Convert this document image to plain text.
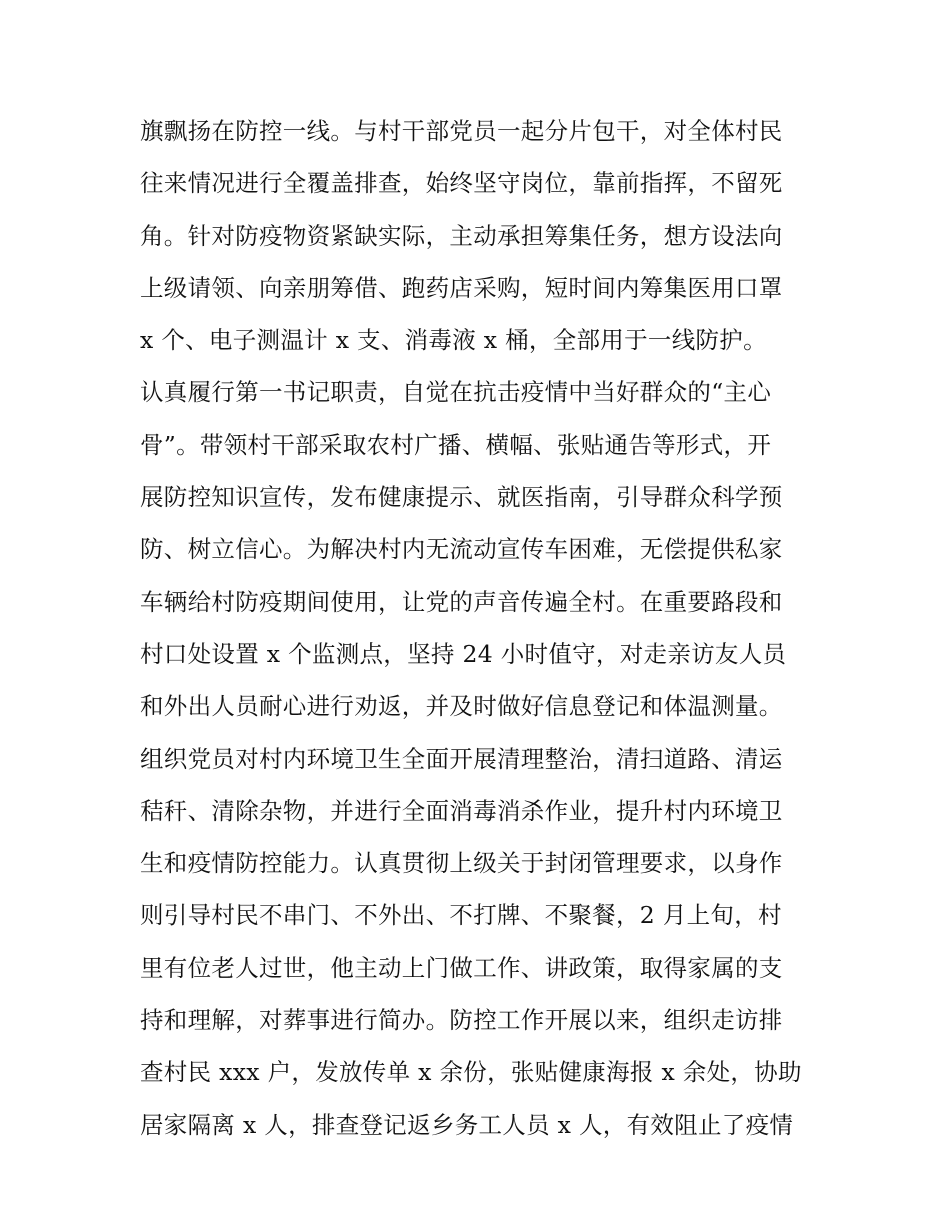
旗飘扬在防控一线。与村干部党员一起分片包干，对全体村民
往来情况进行全覆盖排查，始终坚守岗位，靠前指挥，不留死
角。针对防疫物资紧缺实际，主动承担筹集任务，想方设法向
上级请领、向亲朋筹借、跑药店采购，短时间内筹集医用口罩
x 个、电子测温计 x 支、消毒液 x 桶，全部用于一线防护。
认真履行第一书记职责，自觉在抗击疫情中当好群众的“主心
骨”。带领村干部采取农村广播、横幅、张贴通告等形式，开
展防控知识宣传，发布健康提示、就医指南，引导群众科学预
防、树立信心。为解决村内无流动宣传车困难，无偿提供私家
车辆给村防疫期间使用，让党的声音传遍全村。在重要路段和
村口处设置 x 个监测点，坚持 24 小时值守，对走亲访友人员
和外出人员耐心进行劝返，并及时做好信息登记和体温测量。
组织党员对村内环境卫生全面开展清理整治，清扫道路、清运
秸秆、清除杂物，并进行全面消毒消杀作业，提升村内环境卫
生和疫情防控能力。认真贯彻上级关于封闭管理要求，以身作
则引导村民不串门、不外出、不打牌、不聚餐，2 月上旬，村
里有位老人过世，他主动上门做工作、讲政策，取得家属的支
持和理解，对葬事进行简办。防控工作开展以来，组织走访排
查村民 xxx 户，发放传单 x 余份，张贴健康海报 x 余处，协助
居家隔离 x 人，排查登记返乡务工人员 x 人，有效阻止了疫情
